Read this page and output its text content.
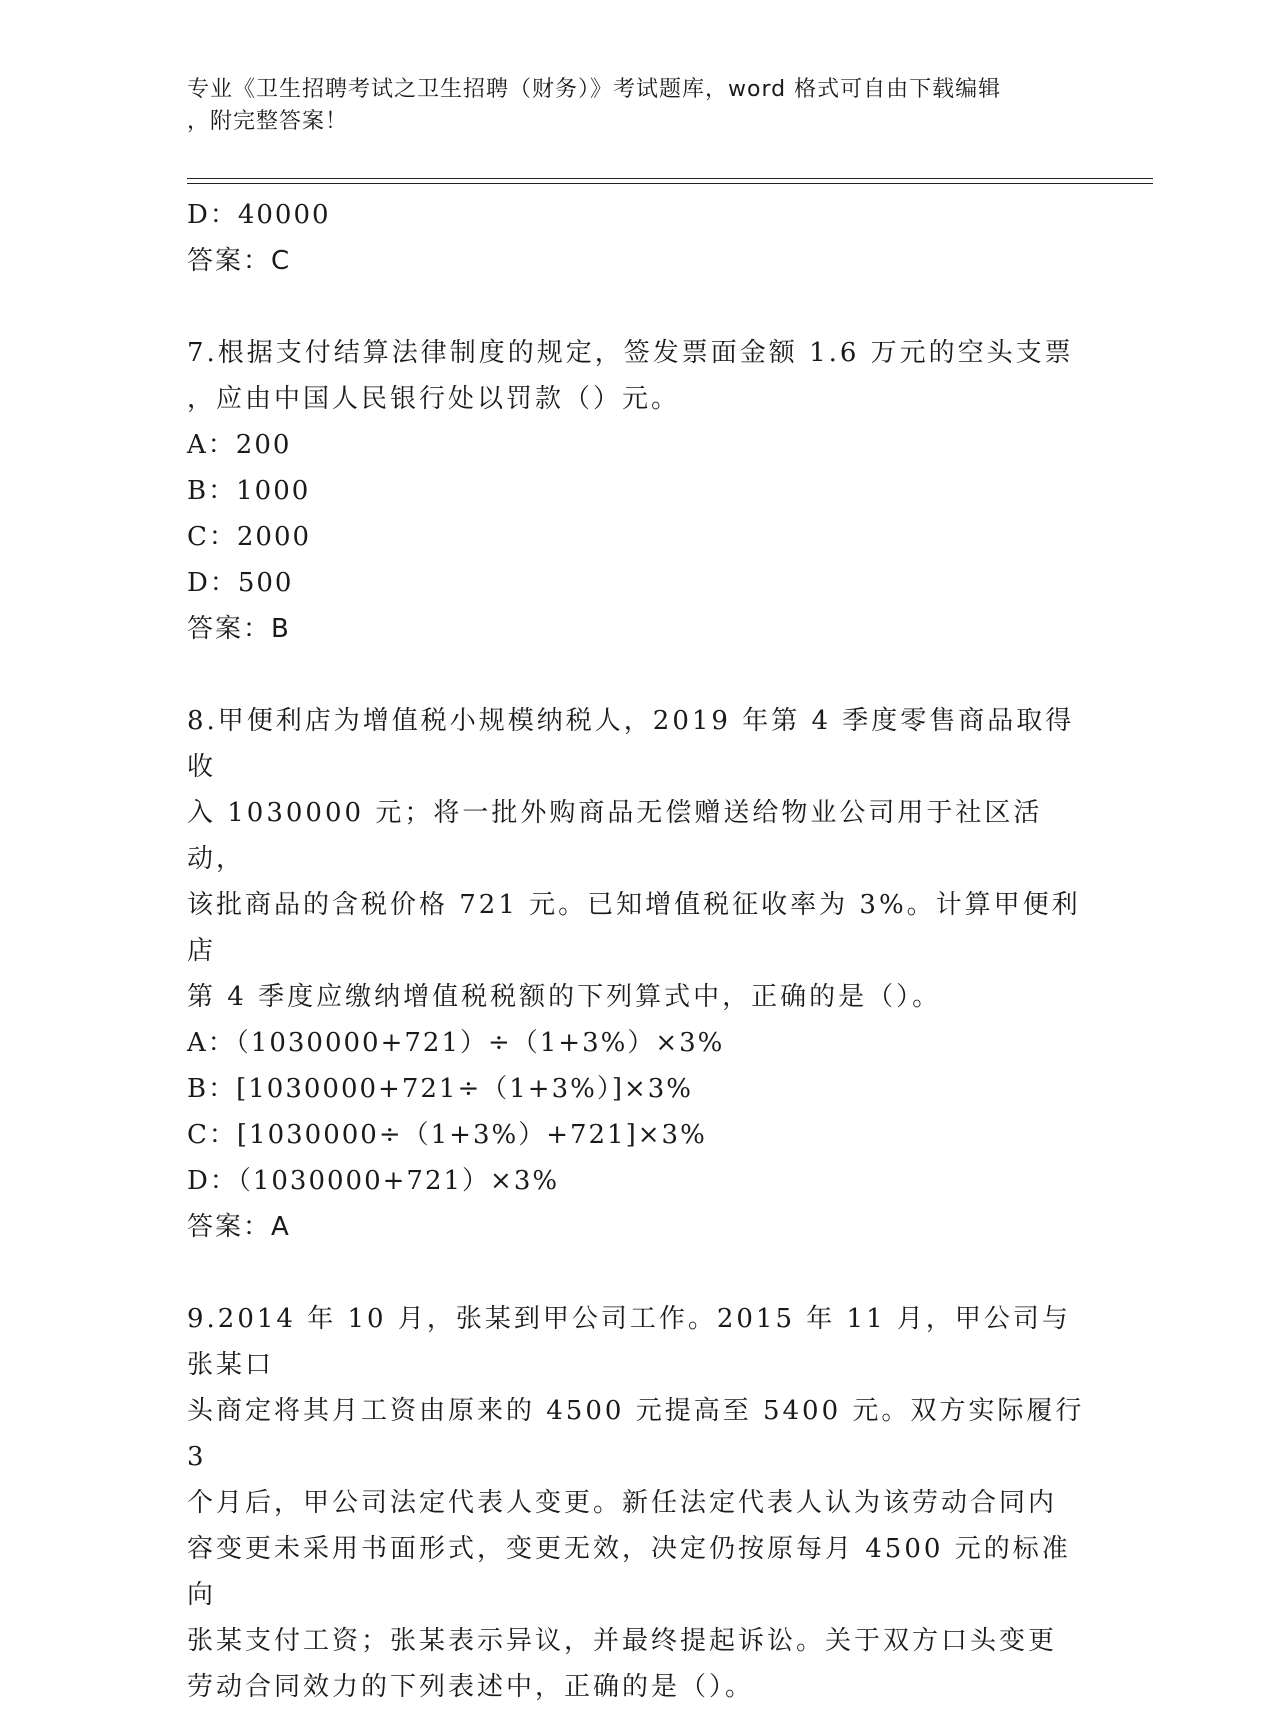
专业《卫生招聘考试之卫生招聘（财务）》考试题库，word 格式可自由下载编辑
，附完整答案！
D：40000
答案：C
7.根据支付结算法律制度的规定，签发票面金额 1.6 万元的空头支票
，应由中国人民银行处以罚款（）元。
A：200
B：1000
C：2000
D：500
答案：B
8.甲便利店为增值税小规模纳税人，2019 年第 4 季度零售商品取得收
入 1030000 元；将一批外购商品无偿赠送给物业公司用于社区活动，
该批商品的含税价格 721 元。已知增值税征收率为 3%。计算甲便利店
第 4 季度应缴纳增值税税额的下列算式中，正确的是（）。
A：（1030000+721）÷（1+3%）×3%
B：[1030000+721÷（1+3%）]×3%
C：[1030000÷（1+3%）+721]×3%
D：（1030000+721）×3%
答案：A
9.2014 年 10 月，张某到甲公司工作。2015 年 11 月，甲公司与张某口
头商定将其月工资由原来的 4500 元提高至 5400 元。双方实际履行 3
个月后，甲公司法定代表人变更。新任法定代表人认为该劳动合同内
容变更未采用书面形式，变更无效，决定仍按原每月 4500 元的标准向
张某支付工资；张某表示异议，并最终提起诉讼。关于双方口头变更
劳动合同效力的下列表述中，正确的是（）。
